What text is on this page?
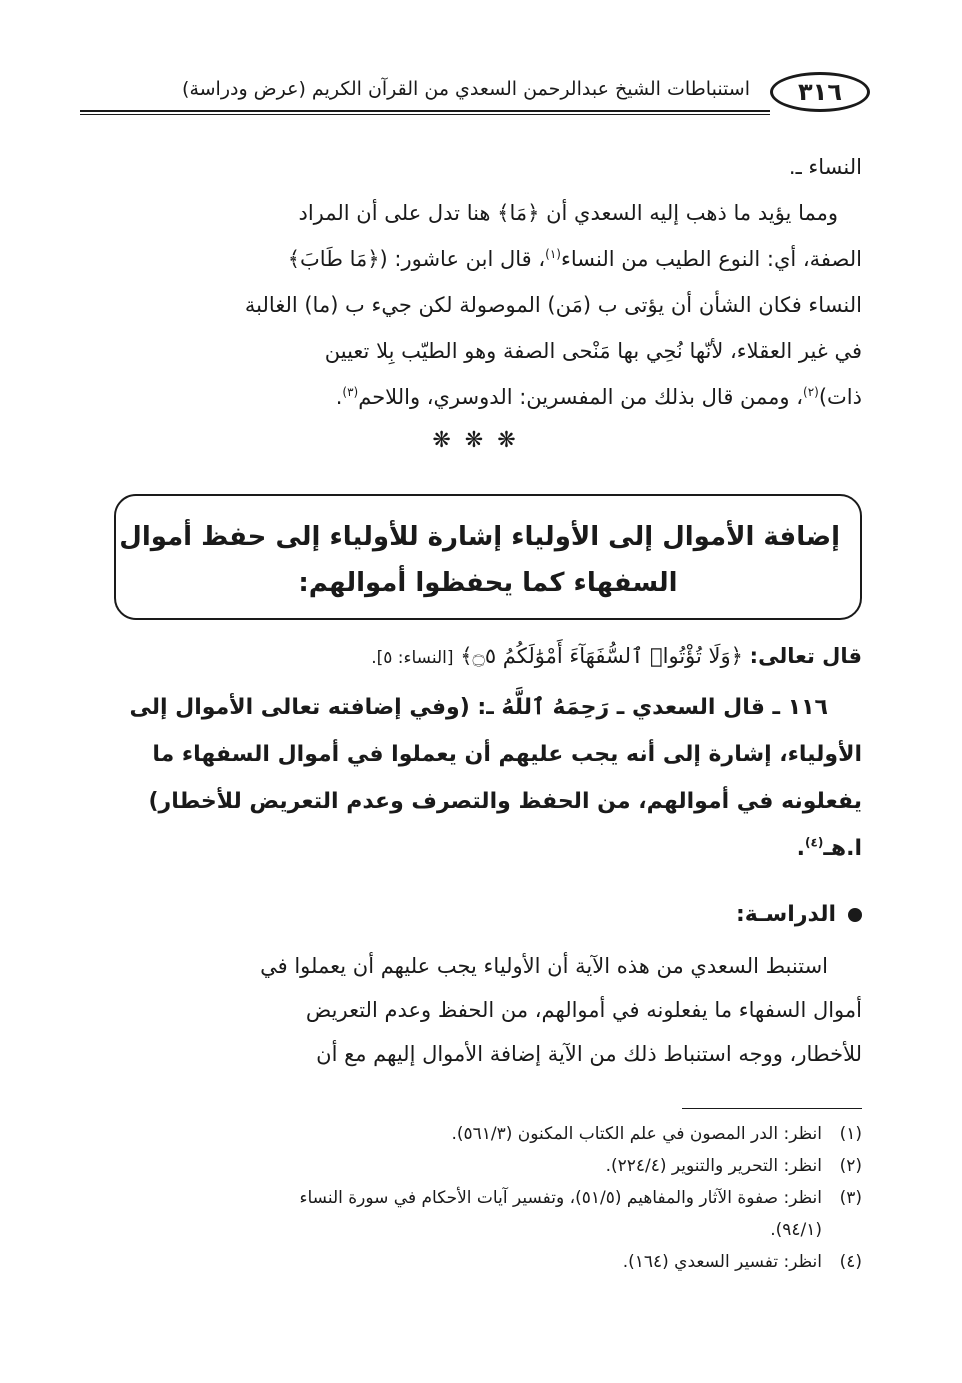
٣١٦
استنباطات الشيخ عبدالرحمن السعدي من القرآن الكريم (عرض ودراسة)
النساء ـ.
ومما يؤيد ما ذهب إليه السعدي أن ﴿مَا﴾ هنا تدل على أن المراد
الصفة، أي: النوع الطيب من النساء$^{(١)}$، قال ابن عاشور: (﴿مَا طَابَ﴾
النساء فكان الشأن أن يؤتى ب (مَن) الموصولة لكن جيء ب (ما) الغالبة
في غير العقلاء، لأنّها نُحِي بها مَنْحى الصفة وهو الطيّب بِلا تعيين
ذات)$^{(٢)}$، وممن قال بذلك من المفسرين: الدوسري، واللاحم$^{(٣)}$.
❋❋❋
إضافة الأموال إلى الأولياء إشارة للأولياء إلى حفظ أموال
السفهاء كما يحفظوا أموالهم:
قال تعالى: ﴿وَلَا تُؤْتُوا۟ ٱلسُّفَهَآءَ أَمْوَٰلَكُمُ ۝٥﴾ [النساء: ٥].
١١٦ ـ قال السعدي ـ رَحِمَهُ ٱللَّهُ ـ: (وفي إضافته تعالى الأموال إلى
الأولياء، إشارة إلى أنه يجب عليهم أن يعملوا في أموال السفهاء ما
يفعلونه في أموالهم، من الحفظ والتصرف وعدم التعريض للأخطار)
ا.هـ$^{(٤)}$.
الدراسـة:
استنبط السعدي من هذه الآية أن الأولياء يجب عليهم أن يعملوا في
أموال السفهاء ما يفعلونه في أموالهم، من الحفظ وعدم التعريض
للأخطار، ووجه استنباط ذلك من الآية إضافة الأموال إليهم مع أن
(١)
انظر: الدر المصون في علم الكتاب المكنون (٥٦١/٣).
(٢)
انظر: التحرير والتنوير (٢٢٤/٤).
(٣)
انظر: صفوة الآثار والمفاهيم (٥١/٥)، وتفسير آيات الأحكام في سورة النساء
(٩٤/١).
(٤)
انظر: تفسير السعدي (١٦٤).
